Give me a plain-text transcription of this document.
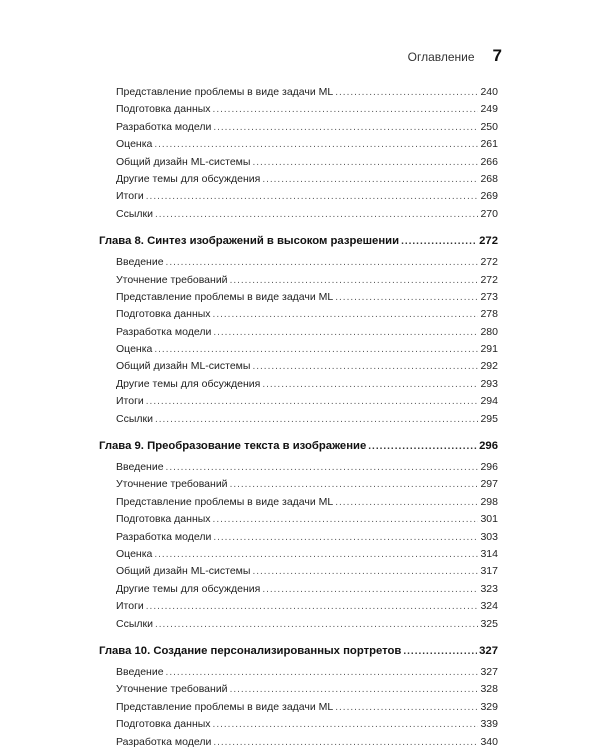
Оглавление 7
Представление проблемы в виде задачи ML .....	240
Подготовка данных .....	249
Разработка модели .....	250
Оценка .....	261
Общий дизайн ML-системы .....	266
Другие темы для обсуждения .....	268
Итоги .....	269
Ссылки .....	270
Глава 8. Синтез изображений в высоком разрешении .....	272
Введение .....	272
Уточнение требований .....	272
Представление проблемы в виде задачи ML .....	273
Подготовка данных .....	278
Разработка модели .....	280
Оценка .....	291
Общий дизайн ML-системы .....	292
Другие темы для обсуждения .....	293
Итоги .....	294
Ссылки .....	295
Глава 9. Преобразование текста в изображение .....	296
Введение .....	296
Уточнение требований .....	297
Представление проблемы в виде задачи ML .....	298
Подготовка данных .....	301
Разработка модели .....	303
Оценка .....	314
Общий дизайн ML-системы .....	317
Другие темы для обсуждения .....	323
Итоги .....	324
Ссылки .....	325
Глава 10. Создание персонализированных портретов .....	327
Введение .....	327
Уточнение требований .....	328
Представление проблемы в виде задачи ML .....	329
Подготовка данных .....	339
Разработка модели .....	340
